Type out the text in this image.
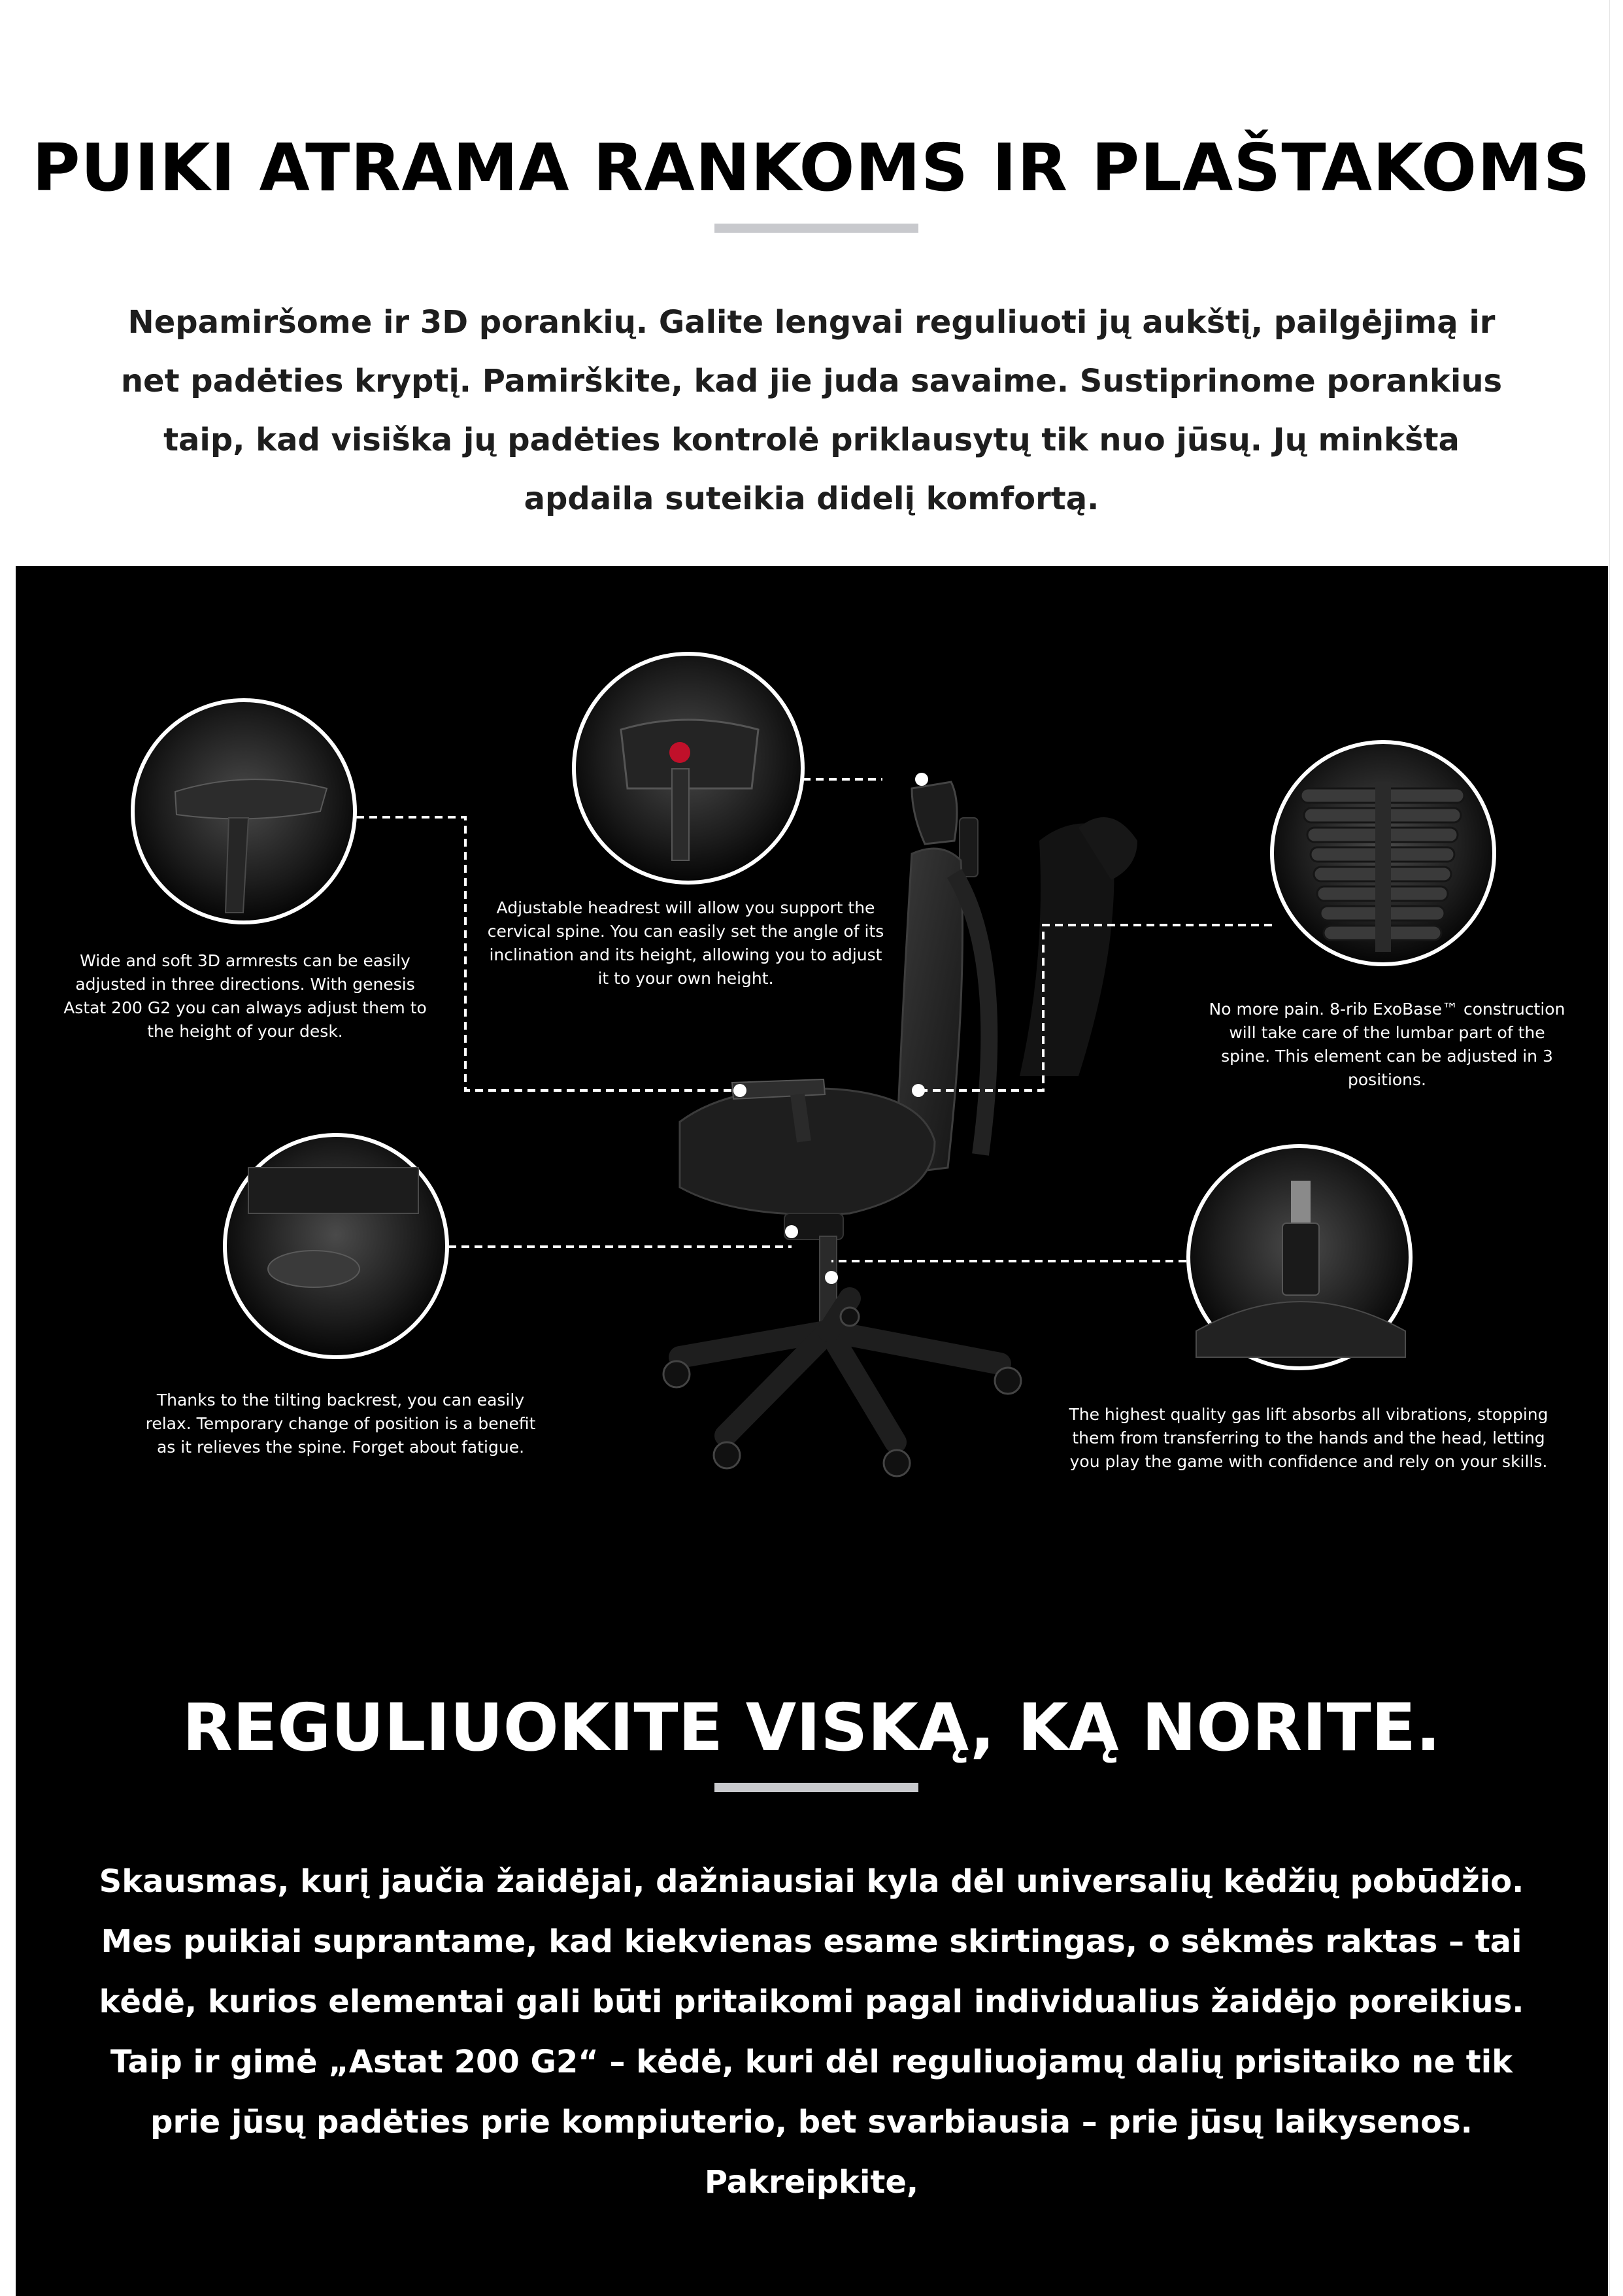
PUIKI ATRAMA RANKOMS IR PLAŠTAKOMS

Nepamiršome ir 3D porankių. Galite lengvai reguliuoti jų aukštį, pailgėjimą ir net padėties kryptį. Pamirškite, kad jie juda savaime. Sustiprinome porankius taip, kad visiška jų padėties kontrolė priklausytų tik nuo jūsų. Jų minkšta apdaila suteikia didelį komfortą.

Wide and soft 3D armrests can be easily adjusted in three directions. With genesis Astat 200 G2 you can always adjust them to the height of your desk.

Adjustable headrest will allow you support the cervical spine. You can easily set the angle of its inclination and its height, allowing you to adjust it to your own height.

No more pain. 8-rib ExoBase™ construction will take care of the lumbar part of the spine. This element can be adjusted in 3 positions.

Thanks to the tilting backrest, you can easily relax. Temporary change of position is a benefit as it relieves the spine. Forget about fatigue.

The highest quality gas lift absorbs all vibrations, stopping them from transferring to the hands and the head, letting you play the game with confidence and rely on your skills.

REGULIUOKITE VISKĄ, KĄ NORITE.

Skausmas, kurį jaučia žaidėjai, dažniausiai kyla dėl universalių kėdžių pobūdžio. Mes puikiai suprantame, kad kiekvienas esame skirtingas, o sėkmės raktas – tai kėdė, kurios elementai gali būti pritaikomi pagal individualius žaidėjo poreikius. Taip ir gimė „Astat 200 G2“ – kėdė, kuri dėl reguliuojamų dalių prisitaiko ne tik prie jūsų padėties prie kompiuterio, bet svarbiausia – prie jūsų laikysenos. Pakreipkite,
